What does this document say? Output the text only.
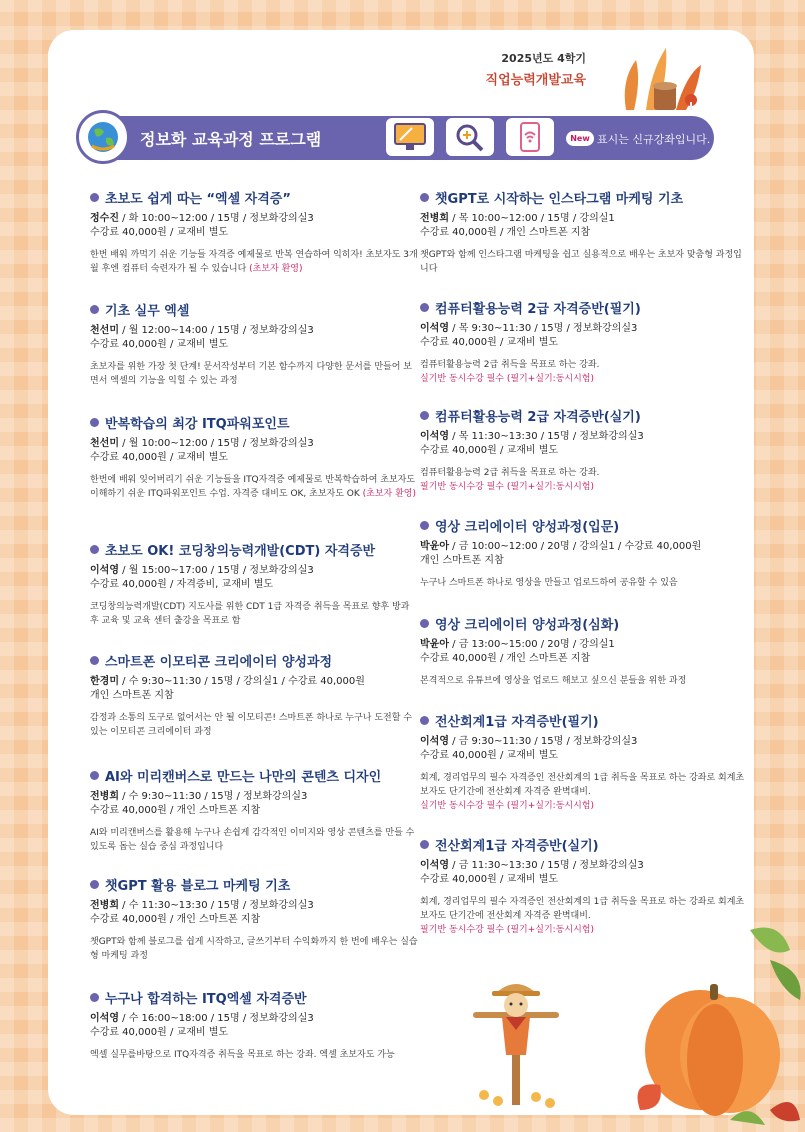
2025년도 4학기
직업능력개발교육
정보화 교육과정 프로그램	New 표시는 신규강좌입니다.
초보도 쉽게 따는 “엑셀 자격증”
정수진 / 화 10:00~12:00 / 15명 / 정보화강의실3
수강료 40,000원 / 교재비 별도
한번 배워 까먹기 쉬운 기능들 자격증 예제물로 반복 연습하여 익히자! 초보자도 3개월 후엔 컴퓨터 숙련자가 될 수 있습니다 (초보자 환영)
기초 실무 엑셀
천선미 / 월 12:00~14:00 / 15명 / 정보화강의실3
수강료 40,000원 / 교재비 별도
초보자를 위한 가장 첫 단계! 문서작성부터 기본 함수까지 다양한 문서를 만들어 보면서 엑셀의 기능을 익힐 수 있는 과정
반복학습의 최강 ITQ파워포인트
천선미 / 월 10:00~12:00 / 15명 / 정보화강의실3
수강료 40,000원 / 교재비 별도
한번에 배워 잊어버리기 쉬운 기능들을 ITQ자격증 예제물로 반복학습하여 초보자도 이해하기 쉬운 ITQ파워포인트 수업. 자격증 대비도 OK, 초보자도 OK (초보자 환영)
초보도 OK! 코딩창의능력개발(CDT) 자격증반
이석영 / 월 15:00~17:00 / 15명 / 정보화강의실3
수강료 40,000원 / 자격증비, 교재비 별도
코딩창의능력개발(CDT) 지도사를 위한 CDT 1급 자격증 취득을 목표로 향후 방과 후 교육 및 교육 센터 출강을 목표로 함
스마트폰 이모티콘 크리에이터 양성과정
한경미 / 수 9:30~11:30 / 15명 / 강의실1 / 수강료 40,000원
개인 스마트폰 지참
감정과 소통의 도구로 없어서는 안 될 이모티콘! 스마트폰 하나로 누구나 도전할 수 있는 이모티콘 크리에이터 과정
AI와 미리캔버스로 만드는 나만의 콘텐츠 디자인
전병희 / 수 9:30~11:30 / 15명 / 정보화강의실3
수강료 40,000원 / 개인 스마트폰 지참
AI와 미리캔버스를 활용해 누구나 손쉽게 감각적인 이미지와 영상 콘텐츠를 만들 수 있도록 돕는 실습 중심 과정입니다
챗GPT 활용 블로그 마케팅 기초
전병희 / 수 11:30~13:30 / 15명 / 정보화강의실3
수강료 40,000원 / 개인 스마트폰 지참
챗GPT와 함께 블로그를 쉽게 시작하고, 글쓰기부터 수익화까지 한 번에 배우는 실습형 마케팅 과정
누구나 합격하는 ITQ엑셀 자격증반
이석영 / 수 16:00~18:00 / 15명 / 정보화강의실3
수강료 40,000원 / 교재비 별도
엑셀 실무를바탕으로 ITQ자격증 취득을 목표로 하는 강좌. 엑셀 초보자도 가능
챗GPT로 시작하는 인스타그램 마케팅 기초
전병희 / 목 10:00~12:00 / 15명 / 강의실1
수강료 40,000원 / 개인 스마트폰 지참
챗GPT와 함께 인스타그램 마케팅을 쉽고 실용적으로 배우는 초보자 맞춤형 과정입니다
컴퓨터활용능력 2급 자격증반(필기)
이석영 / 목 9:30~11:30 / 15명 / 정보화강의실3
수강료 40,000원 / 교재비 별도
컴퓨터활용능력 2급 취득을 목표로 하는 강좌.
실기반 동시수강 필수 (필기+실기:동시시험)
컴퓨터활용능력 2급 자격증반(실기)
이석영 / 목 11:30~13:30 / 15명 / 정보화강의실3
수강료 40,000원 / 교재비 별도
컴퓨터활용능력 2급 취득을 목표로 하는 강좌.
필기반 동시수강 필수 (필기+실기:동시시험)
영상 크리에이터 양성과정(입문)
박윤아 / 금 10:00~12:00 / 20명 / 강의실1 / 수강료 40,000원
개인 스마트폰 지참
누구나 스마트폰 하나로 영상을 만들고 업로드하여 공유할 수 있음
영상 크리에이터 양성과정(심화)
박윤아 / 금 13:00~15:00 / 20명 / 강의실1
수강료 40,000원 / 개인 스마트폰 지참
본격적으로 유튜브에 영상을 업로드 해보고 싶으신 분들을 위한 과정
전산회계1급 자격증반(필기)
이석영 / 금 9:30~11:30 / 15명 / 정보화강의실3
수강료 40,000원 / 교재비 별도
회계, 경리업무의 필수 자격증인 전산회계의 1급 취득을 목표로 하는 강좌로 회계초보자도 단기간에 전산회계 자격증 완벽대비.
실기반 동시수강 필수 (필기+실기:동시시험)
전산회계1급 자격증반(실기)
이석영 / 금 11:30~13:30 / 15명 / 정보화강의실3
수강료 40,000원 / 교재비 별도
회계, 경리업무의 필수 자격증인 전산회계의 1급 취득을 목표로 하는 강좌로 회계초보자도 단기간에 전산회계 자격증 완벽대비.
필기반 동시수강 필수 (필기+실기:동시시험)
